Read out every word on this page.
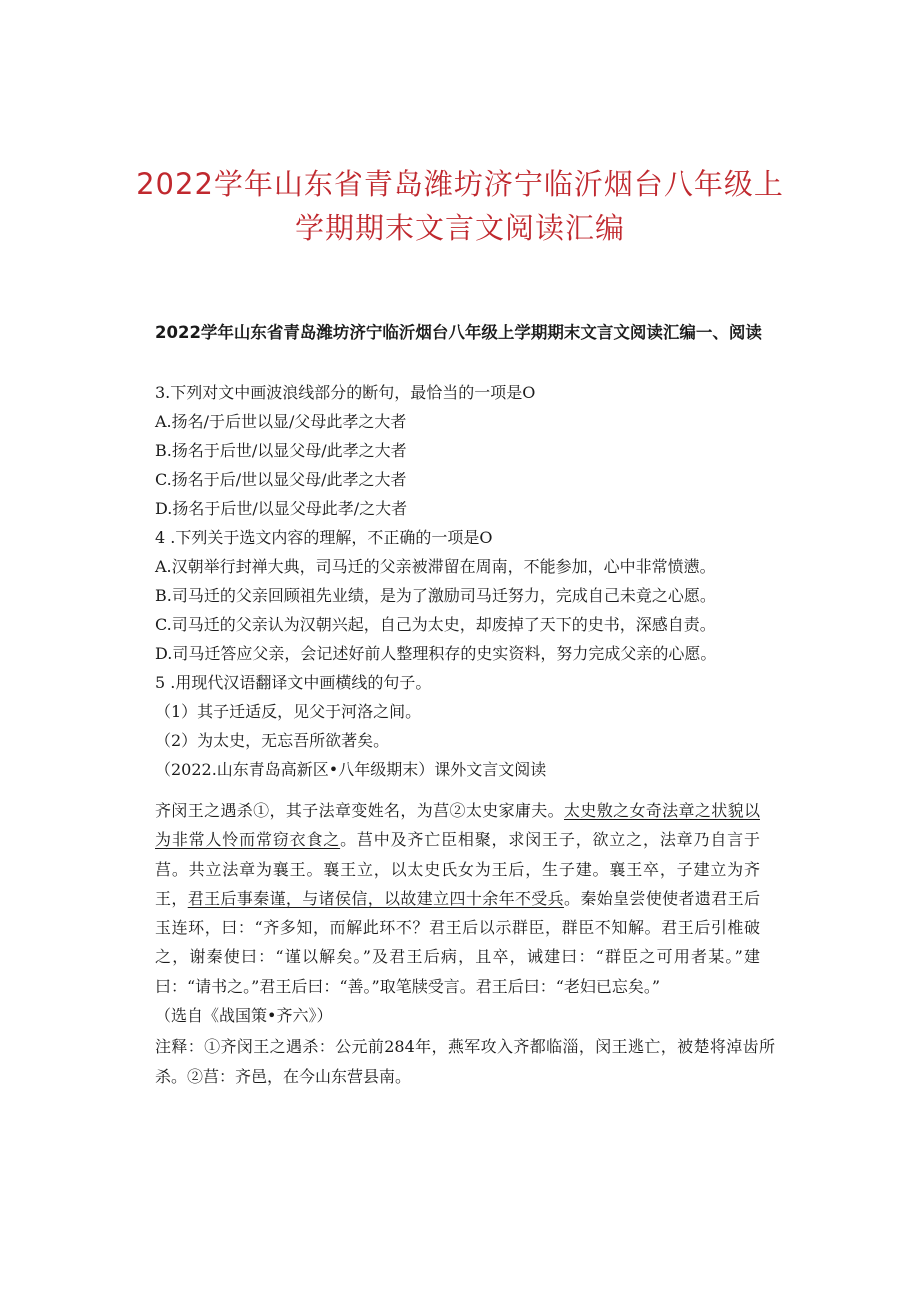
2022学年山东省青岛潍坊济宁临沂烟台八年级上
学期期末文言文阅读汇编
2022学年山东省青岛潍坊济宁临沂烟台八年级上学期期末文言文阅读汇编一、阅读
3.下列对文中画波浪线部分的断句，最恰当的一项是O
A.扬名/于后世以显/父母此孝之大者
B.扬名于后世/以显父母/此孝之大者
C.扬名于后/世以显父母/此孝之大者
D.扬名于后世/以显父母此孝/之大者
4 .下列关于选文内容的理解，不正确的一项是O
A.汉朝举行封禅大典，司马迁的父亲被滞留在周南，不能参加，心中非常愤懑。
B.司马迁的父亲回顾祖先业绩，是为了激励司马迁努力，完成自己未竟之心愿。
C.司马迁的父亲认为汉朝兴起，自己为太史，却废掉了天下的史书，深感自责。
D.司马迁答应父亲，会记述好前人整理积存的史实资料，努力完成父亲的心愿。
5 .用现代汉语翻译文中画横线的句子。
（1）其子迁适反，见父于河洛之间。
（2）为太史，无忘吾所欲著矣。
（2022.山东青岛高新区•八年级期末）课外文言文阅读
齐闵王之遇杀①，其子法章变姓名，为莒②太史家庸夫。太史敫之女奇法章之状貌以为非常人怜而常窃衣食之。莒中及齐亡臣相聚，求闵王子，欲立之，法章乃自言于莒。共立法章为襄王。襄王立，以太史氏女为王后，生子建。襄王卒，子建立为齐王，君王后事秦谨，与诸侯信，以故建立四十余年不受兵。秦始皇尝使使者遗君王后玉连环，曰：“齐多知，而解此环不？君王后以示群臣，群臣不知解。君王后引椎破之，谢秦使曰：“谨以解矣。”及君王后病，且卒，诫建曰：“群臣之可用者某。”建曰：“请书之。”君王后曰：“善。”取笔牍受言。君王后曰：“老妇已忘矣。”
（选自《战国策•齐六》）
注释：①齐闵王之遇杀：公元前284年，燕军攻入齐都临淄，闵王逃亡，被楚将淖齿所杀。②莒：齐邑，在今山东营县南。
